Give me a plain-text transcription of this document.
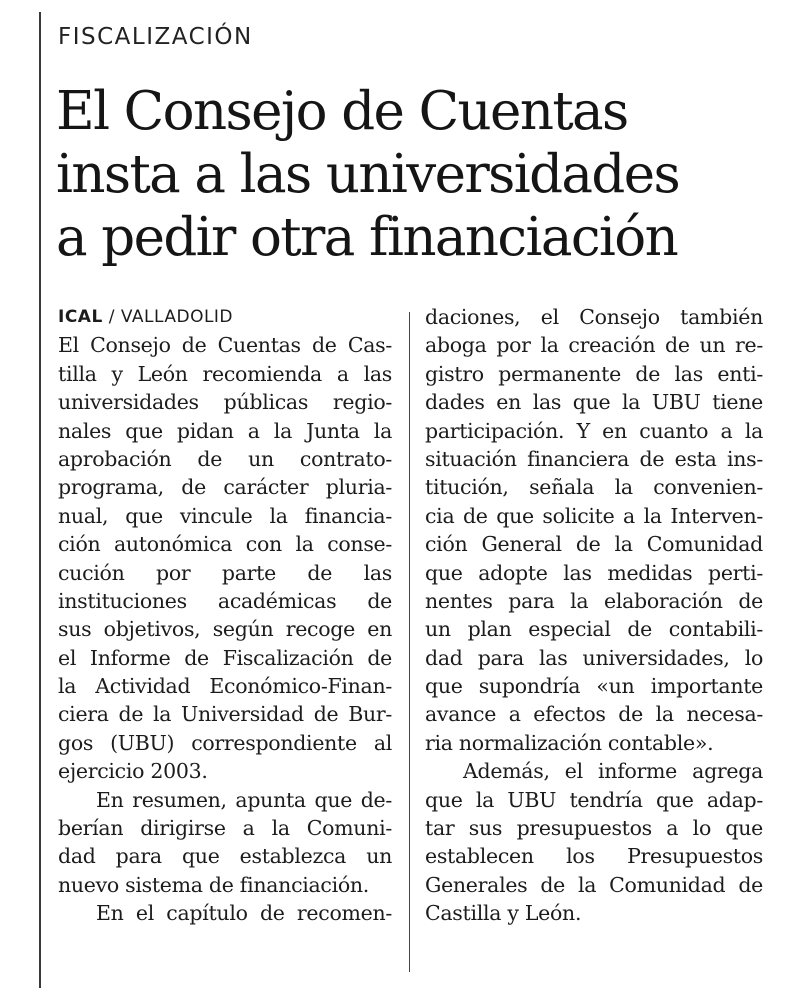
FISCALIZACIÓN
El Consejo de Cuentas
insta a las universidades
a pedir otra financiación
ICAL / VALLADOLID
El Consejo de Cuentas de Cas-
tilla y León recomienda a las
universidades públicas regio-
nales que pidan a la Junta la
aprobación de un contrato-
programa, de carácter pluria-
nual, que vincule la financia-
ción autonómica con la conse-
cución por parte de las
instituciones académicas de
sus objetivos, según recoge en
el Informe de Fiscalización de
la Actividad Económico-Finan-
ciera de la Universidad de Bur-
gos (UBU) correspondiente al
ejercicio 2003.
En resumen, apunta que de-
berían dirigirse a la Comuni-
dad para que establezca un
nuevo sistema de financiación.
En el capítulo de recomen-
daciones, el Consejo también
aboga por la creación de un re-
gistro permanente de las enti-
dades en las que la UBU tiene
participación. Y en cuanto a la
situación financiera de esta ins-
titución, señala la convenien-
cia de que solicite a la Interven-
ción General de la Comunidad
que adopte las medidas perti-
nentes para la elaboración de
un plan especial de contabili-
dad para las universidades, lo
que supondría «un importante
avance a efectos de la necesa-
ria normalización contable».
Además, el informe agrega
que la UBU tendría que adap-
tar sus presupuestos a lo que
establecen los Presupuestos
Generales de la Comunidad de
Castilla y León.
